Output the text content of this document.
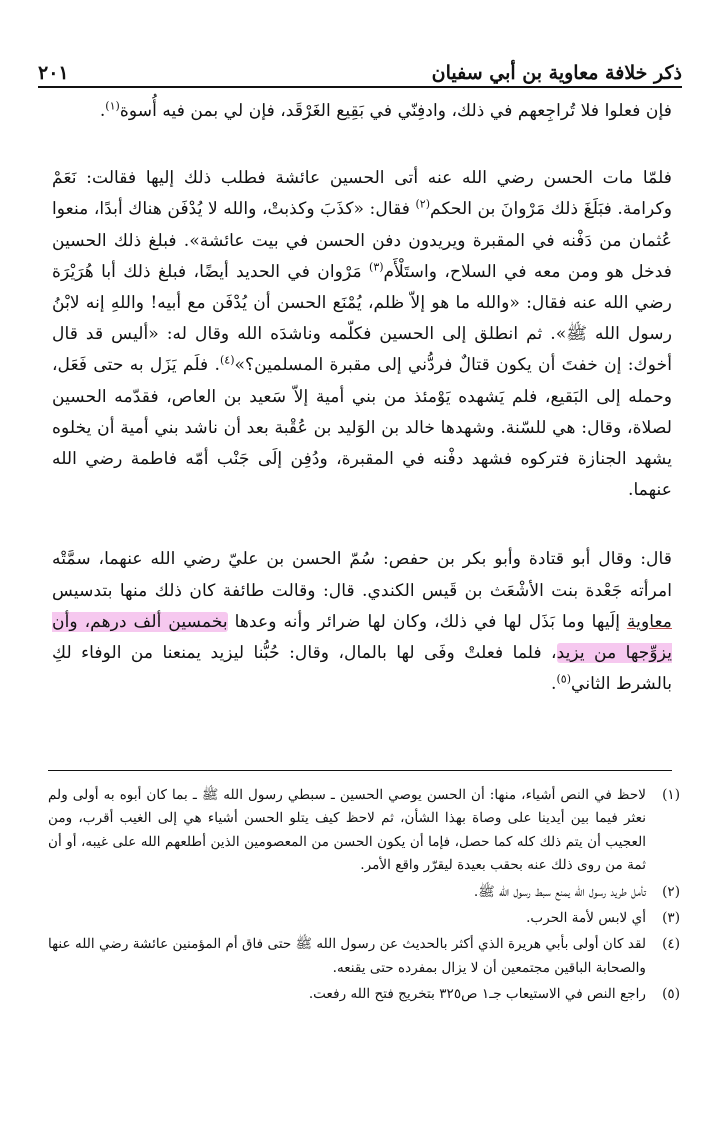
ذكر خلافة معاوية بن أبي سفيان
٢٠١

فإن فعلوا فلا تُراجِعهم في ذلك، وادفِنّي في بَقِيع الغَرْقَد، فإن لي بمن فيه أُسوة$^{(١)}$.

فلمّا مات الحسن رضي الله عنه أتى الحسين عائشة فطلب ذلك إليها فقالت: نَعَمْ وكرامة. فبَلَغَ ذلك مَرْوانَ بن الحكم$^{(٢)}$ فقال: «كذَبَ وكذبتْ، والله لا يُدْفَن هناك أبدًا، منعوا عُثمان من دَفْنه في المقبرة ويريدون دفن الحسن في بيت عائشة». فبلغ ذلك الحسين فدخل هو ومن معه في السلاح، واستَلْأَم$^{(٣)}$ مَرْوان في الحديد أيضًا، فبلغ ذلك أبا هُرَيْرَة رضي الله عنه فقال: «والله ما هو إلاّ ظلم، يُمْنَع الحسن أن يُدْفَن مع أبيه! واللهِ إنه لابْنُ رسول الله ﷺ». ثم انطلق إلى الحسين فكلّمه وناشدَه الله وقال له: «أليس قد قال أخوك: إن خفتَ أن يكون قتالٌ فردُّني إلى مقبرة المسلمين؟»$^{(٤)}$. فلَم يَزَل به حتى فَعَل، وحمله إلى البَقيع، فلم يَشهده يَوْمئذ من بني أمية إلاّ سَعيد بن العاص، فقدّمه الحسين لصلاة، وقال: هي للسّنة. وشهدها خالد بن الوَليد بن عُقْبة بعد أن ناشد بني أمية أن يخلوه يشهد الجنازة فتركوه فشهد دفْنه في المقبرة، ودُفِن إلَى جَنْب أمّه فاطمة رضي الله عنهما.

قال: وقال أبو قتادة وأبو بكر بن حفص: سُمّ الحسن بن عليّ رضي الله عنهما، سمَّتْه امرأته جَعْدة بنت الأشْعَث بن قَيس الكندي. قال: وقالت طائفة كان ذلك منها بتدسيس معاوية إلَيها وما بَذَل لها في ذلك، وكان لها ضرائر وأنه وعدها بخمسين ألف درهم، وأن يزوِّجها من يزيد، فلما فعلتْ وفَى لها بالمال، وقال: حُبُّنا ليزيد يمنعنا من الوفاء لكِ بالشرط الثاني$^{(٥)}$.

(١)
لاحظ في النص أشياء، منها: أن الحسن يوصي الحسين ـ سبطي رسول الله ﷺ ـ بما كان أبوه به أولى ولم نعثر فيما بين أيدينا على وصاة بهذا الشأن، ثم لاحظ كيف يتلو الحسن أشياء هي إلى الغيب أقرب، ومن العجيب أن يتم ذلك كله كما حصل، فإما أن يكون الحسن من المعصومين الذين أطلعهم الله على غيبه، أو أن ثمة من روى ذلك عنه بحقب بعيدة ليقرّر واقع الأمر.
(٢)
تأمل طريد رسول الله يمنع سبط رسول الله ﷺ.
(٣)
أي لابس لأمة الحرب.
(٤)
لقد كان أولى بأبي هريرة الذي أكثر بالحديث عن رسول الله ﷺ حتى فاق أم المؤمنين عائشة رضي الله عنها والصحابة الباقين مجتمعين أن لا يزال بمفرده حتى يقنعه.
(٥)
راجع النص في الاستيعاب جـ١ ص٣٢٥ بتخريج فتح الله رفعت.
